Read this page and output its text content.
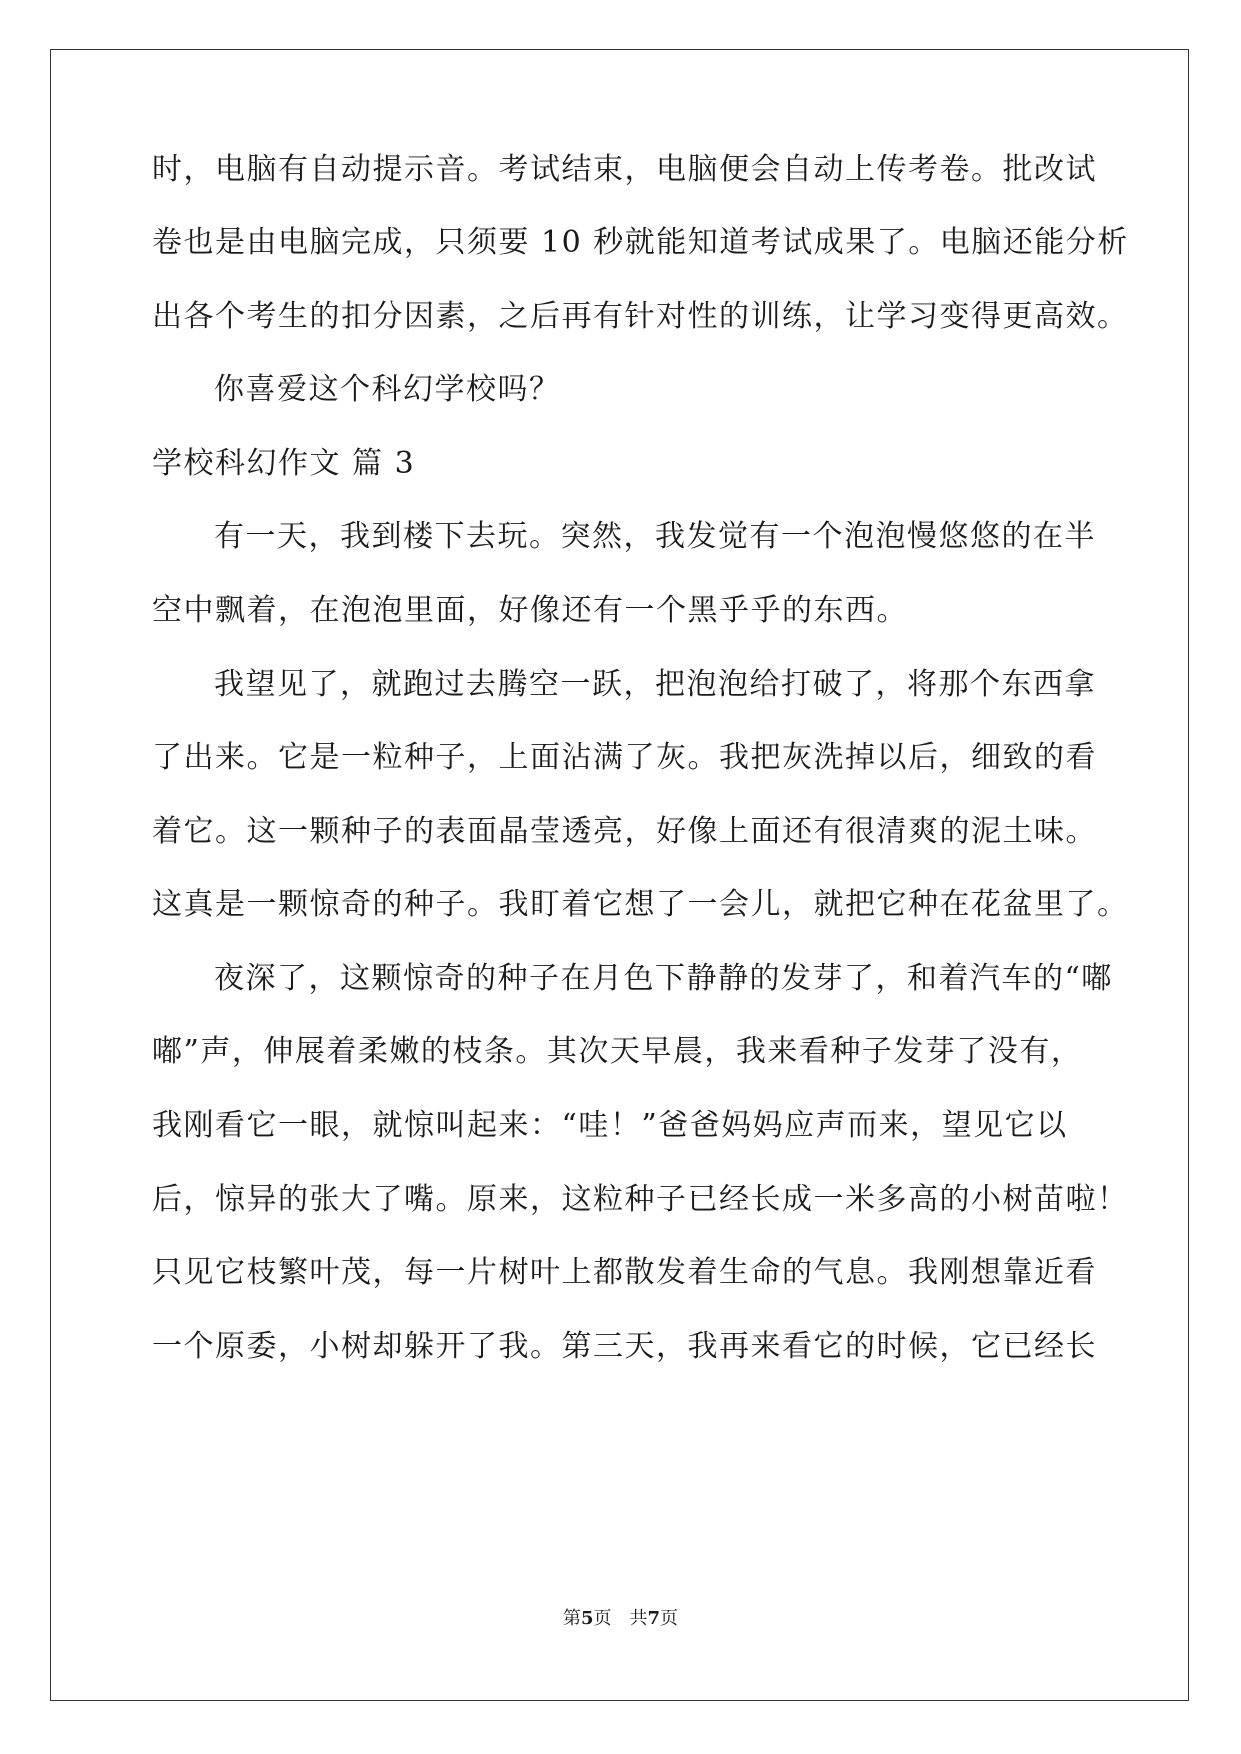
时，电脑有自动提示音。考试结束，电脑便会自动上传考卷。批改试
卷也是由电脑完成，只须要 10 秒就能知道考试成果了。电脑还能分析
出各个考生的扣分因素，之后再有针对性的训练，让学习变得更高效。
你喜爱这个科幻学校吗？
学校科幻作文 篇 3
有一天，我到楼下去玩。突然，我发觉有一个泡泡慢悠悠的在半
空中飘着，在泡泡里面，好像还有一个黑乎乎的东西。
我望见了，就跑过去腾空一跃，把泡泡给打破了，将那个东西拿
了出来。它是一粒种子，上面沾满了灰。我把灰洗掉以后，细致的看
着它。这一颗种子的表面晶莹透亮，好像上面还有很清爽的泥土味。
这真是一颗惊奇的种子。我盯着它想了一会儿，就把它种在花盆里了。
夜深了，这颗惊奇的种子在月色下静静的发芽了，和着汽车的“嘟
嘟”声，伸展着柔嫩的枝条。其次天早晨，我来看种子发芽了没有，
我刚看它一眼，就惊叫起来：“哇！”爸爸妈妈应声而来，望见它以
后，惊异的张大了嘴。原来，这粒种子已经长成一米多高的小树苗啦！
只见它枝繁叶茂，每一片树叶上都散发着生命的气息。我刚想靠近看
一个原委，小树却躲开了我。第三天，我再来看它的时候，它已经长
第5页 共7页
